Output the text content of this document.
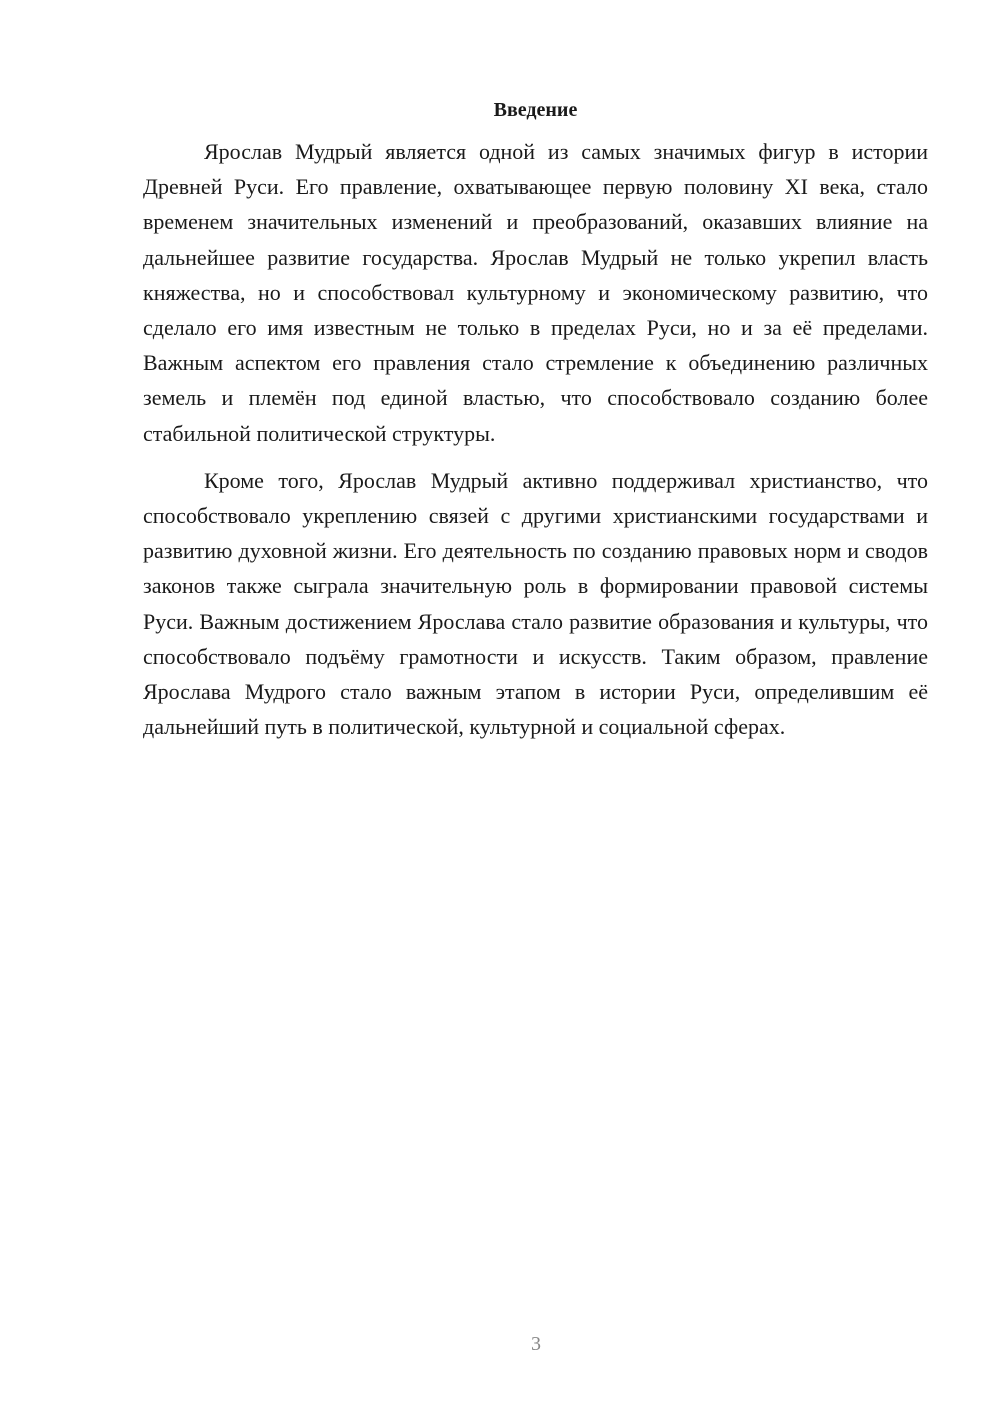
Введение

Ярослав Мудрый является одной из самых значимых фигур в истории Древней Руси. Его правление, охватывающее первую половину XI века, стало временем значительных изменений и преобразований, оказавших влияние на дальнейшее развитие государства. Ярослав Мудрый не только укрепил власть княжества, но и способствовал культурному и экономическому развитию, что сделало его имя известным не только в пределах Руси, но и за её пределами. Важным аспектом его правления стало стремление к объединению различных земель и племён под единой властью, что способствовало созданию более стабильной политической структуры.

Кроме того, Ярослав Мудрый активно поддерживал христианство, что способствовало укреплению связей с другими христианскими государствами и развитию духовной жизни. Его деятельность по созданию правовых норм и сводов законов также сыграла значительную роль в формировании правовой системы Руси. Важным достижением Ярослава стало развитие образования и культуры, что способствовало подъёму грамотности и искусств. Таким образом, правление Ярослава Мудрого стало важным этапом в истории Руси, определившим её дальнейший путь в политической, культурной и социальной сферах.

3
